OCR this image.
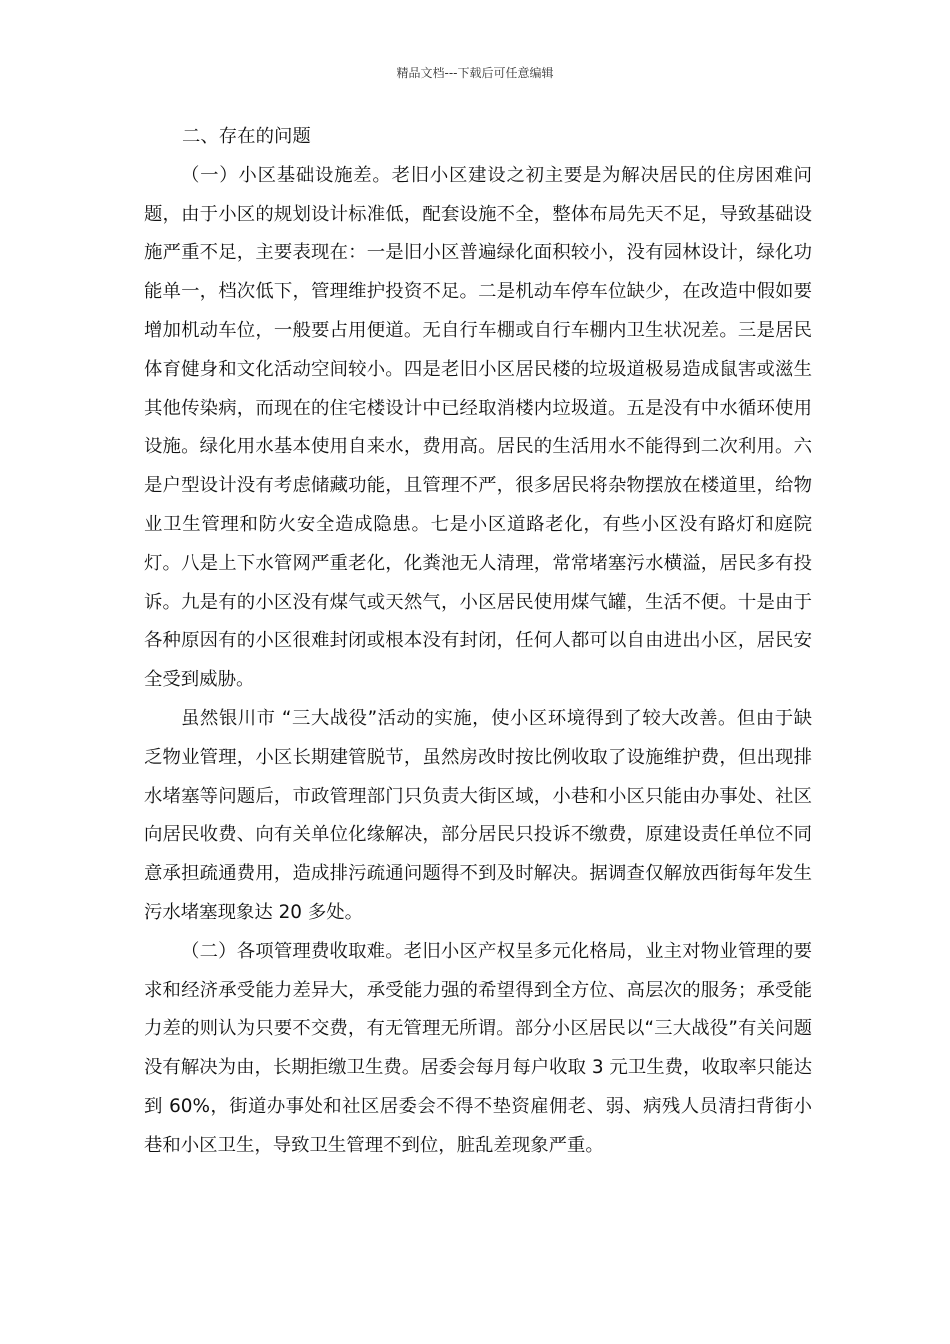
精品文档---下载后可任意编辑
二、存在的问题

（一）小区基础设施差。老旧小区建设之初主要是为解决居民的住房困难问题，由于小区的规划设计标准低，配套设施不全，整体布局先天不足，导致基础设施严重不足，主要表现在：一是旧小区普遍绿化面积较小，没有园林设计，绿化功能单一，档次低下，管理维护投资不足。二是机动车停车位缺少，在改造中假如要增加机动车位，一般要占用便道。无自行车棚或自行车棚内卫生状况差。三是居民体育健身和文化活动空间较小。四是老旧小区居民楼的垃圾道极易造成鼠害或滋生其他传染病，而现在的住宅楼设计中已经取消楼内垃圾道。五是没有中水循环使用设施。绿化用水基本使用自来水，费用高。居民的生活用水不能得到二次利用。六是户型设计没有考虑储藏功能，且管理不严，很多居民将杂物摆放在楼道里，给物业卫生管理和防火安全造成隐患。七是小区道路老化，有些小区没有路灯和庭院灯。八是上下水管网严重老化，化粪池无人清理，常常堵塞污水横溢，居民多有投诉。九是有的小区没有煤气或天然气，小区居民使用煤气罐，生活不便。十是由于各种原因有的小区很难封闭或根本没有封闭，任何人都可以自由进出小区，居民安全受到威胁。

虽然银川市 “三大战役”活动的实施，使小区环境得到了较大改善。但由于缺乏物业管理，小区长期建管脱节，虽然房改时按比例收取了设施维护费，但出现排水堵塞等问题后，市政管理部门只负责大街区域，小巷和小区只能由办事处、社区向居民收费、向有关单位化缘解决，部分居民只投诉不缴费，原建设责任单位不同意承担疏通费用，造成排污疏通问题得不到及时解决。据调查仅解放西街每年发生污水堵塞现象达 20 多处。

（二）各项管理费收取难。老旧小区产权呈多元化格局，业主对物业管理的要求和经济承受能力差异大，承受能力强的希望得到全方位、高层次的服务；承受能力差的则认为只要不交费，有无管理无所谓。部分小区居民以“三大战役”有关问题没有解决为由，长期拒缴卫生费。居委会每月每户收取 3 元卫生费，收取率只能达到 60%，街道办事处和社区居委会不得不垫资雇佣老、弱、病残人员清扫背街小巷和小区卫生，导致卫生管理不到位，脏乱差现象严重。
